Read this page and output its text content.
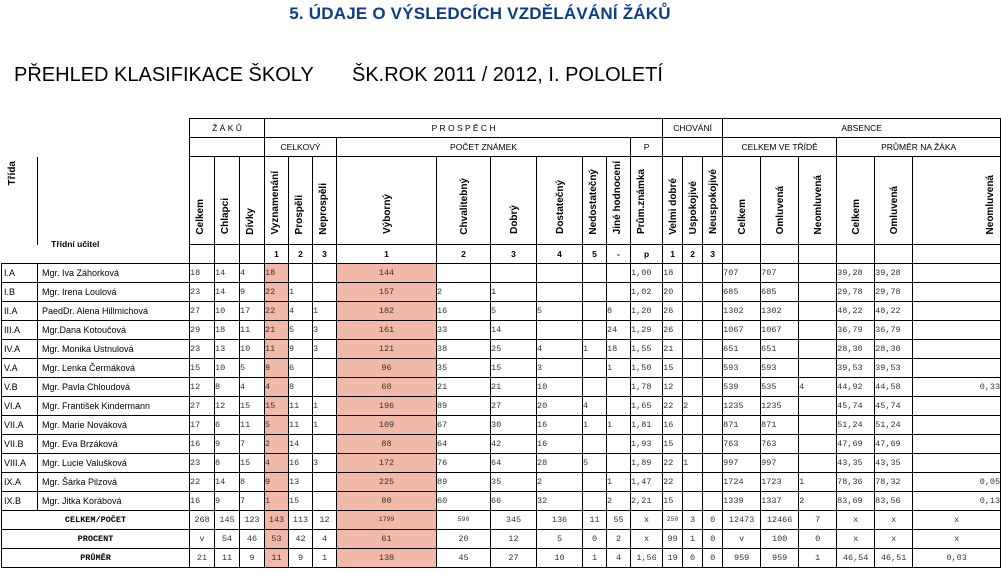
5. ÚDAJE O VÝSLEDCÍCH VZDĚLÁVÁNÍ ŽÁKŮ
PŘEHLED KLASIFIKACE ŠKOLY ŠK.ROK 2011 / 2012, I. POLOLETÍ
		Ž Á K Ů			P R O S P Ě C H										CHOVÁNÍ			ABSENCE					
					CELKOVÝ			POČET ZNÁMEK						P				CELKEM VE TŘÍDĚ			PRŮMĚR NA ŽÁKA		
Třída		Celkem	Chlapci	Dívky	Vyznamenání	Prospěli	Neprospěli	Výborný	Chvalitebný	Dobrý	Dostatečný	Nedostatečný	Jiné hodnocení	Prům.známka	Velmi dobré	Uspokojivé	Neuspokojivé	Celkem	Omluvená	Neomluvená	Celkem	Omluvená	Neomluvená
Třídní učitel					1	2	3	1	2	3	4	5	-	p	1	2	3						
I.A	Mgr. Iva Záhorková	18	14	4	18			144						1,00	18			707	707		39,28	39,28	
I.B	Mgr. Irena Loulová	23	14	9	22	1		157	2	1				1,02	20			685	685		29,78	29,78	
II.A	PaedDr. Alena Hillmichová	27	10	17	22	4	1	182	16	5	5		8	1,20	26			1302	1302		48,22	48,22	
III.A	Mgr.Dana Kotoučová	29	18	11	21	5	3	161	33	14			24	1,29	26			1067	1067		36,79	36,79	
IV.A	Mgr. Monika Ustnulová	23	13	10	11	9	3	121	38	25	4	1	18	1,55	21			651	651		28,30	28,30	
V.A	Mgr. Lenka Čermáková	15	10	5	9	6		96	35	15	3		1	1,50	15			593	593		39,53	39,53	
V.B	Mgr. Pavla Chloudová	12	8	4	4	8		68	21	21	10			1,78	12			539	535	4	44,92	44,58	0,33
VI.A	Mgr. František Kindermann	27	12	15	15	11	1	196	89	27	20	4		1,65	22	2		1235	1235		45,74	45,74	
VII.A	Mgr. Marie Nováková	17	6	11	5	11	1	109	67	30	16	1	1	1,81	16			871	871		51,24	51,24	
VII.B	Mgr. Eva Brzáková	16	9	7	2	14		88	64	42	16			1,93	15			763	763		47,69	47,69	
VIII.A	Mgr. Lucie Valušková	23	8	15	4	16	3	172	76	64	28	5		1,89	22	1		997	997		43,35	43,35	
IX.A	Mgr. Šárka Pilzová	22	14	8	9	13		225	89	35	2		1	1,47	22			1724	1723	1	78,36	78,32	0,05
IX.B	Mgr. Jitka Korábová	16	9	7	1	15		80	60	66	32		2	2,21	15			1339	1337	2	83,69	83,56	0,13
CELKEM/POČET		268	145	123	143	113	12	1799	590	345	136	11	55	x	250	3	0	12473	12466	7	x	x	x
PROCENT		v	54	46	53	42	4	61	20	12	5	0	2	x	99	1	0	v	100	0	x	x	x
PRŮMĚR		21	11	9	11	9	1	138	45	27	10	1	4	1,56	19	0	0	959	959	1	46,54	46,51	0,03
